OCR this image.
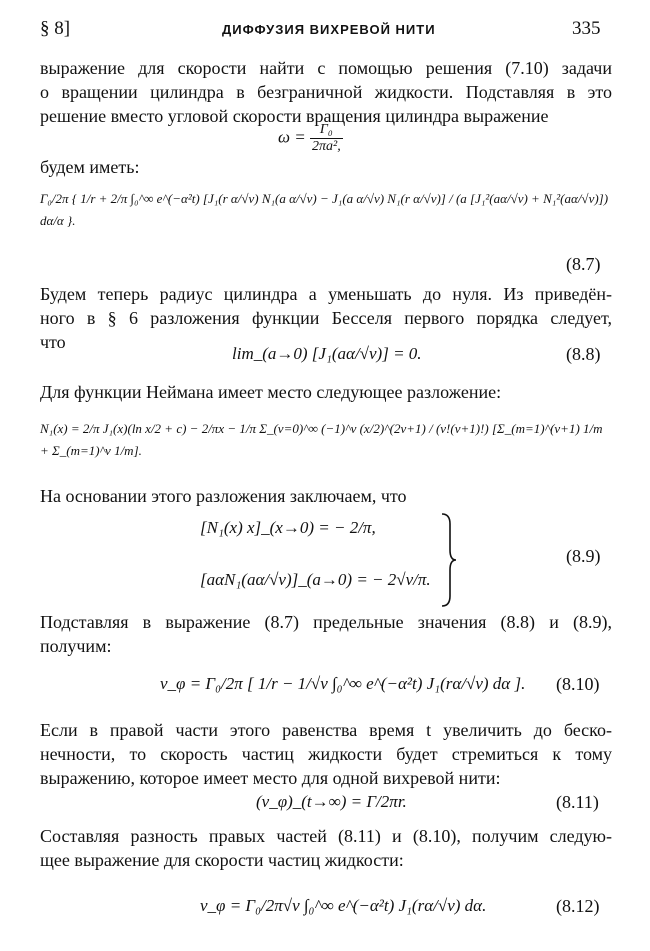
§ 8]	ДИФФУЗИЯ ВИХРЕВОЙ НИТИ	335
выражение для скорости найти с помощью решения (7.10) задачи
о вращении цилиндра в безграничной жидкости. Подставляя в это
решение вместо угловой скорости вращения цилиндра выражение
$\omega = \frac{\text{Γ₀}}{\text{2πa²,}}$
будем иметь:
Γ₀/2π { 1/r + 2/π ∫₀^∞ e^(−α²t) [J₁(r α/√ν) N₁(a α/√ν) − J₁(a α/√ν) N₁(r α/√ν)] / (a [J₁²(aα/√ν) + N₁²(aα/√ν)]) dα/α }.
(8.7)
Будем теперь радиус цилиндра a уменьшать до нуля. Из приведён-
ного в § 6 разложения функции Бесселя первого порядка следует,
что
lim_(a→0) [J₁(aα/√ν)] = 0.	(8.8)
Для функции Неймана имеет место следующее разложение:
N₁(x) = 2/π J₁(x)(ln x/2 + c) − 2/πx − 1/π Σ_(ν=0)^∞ (−1)^ν (x/2)^(2ν+1) / (ν!(ν+1)!) [Σ_(m=1)^(ν+1) 1/m + Σ_(m=1)^ν 1/m].
На основании этого разложения заключаем, что
[N₁(x) x]_(x→0) = − 2/π,
[aαN₁(aα/√ν)]_(a→0) = − 2√ν/π.
(8.9)
Подставляя в выражение (8.7) предельные значения (8.8) и (8.9),
получим:
v_φ = Γ₀/2π [ 1/r − 1/√ν ∫₀^∞ e^(−α²t) J₁(rα/√ν) dα ]. (8.10)
Если в правой части этого равенства время t увеличить до беско-
нечности, то скорость частиц жидкости будет стремиться к тому
выражению, которое имеет место для одной вихревой нити:
(v_φ)_(t→∞) = Γ/2πr.	(8.11)
Составляя разность правых частей (8.11) и (8.10), получим следую-
щее выражение для скорости частиц жидкости:
v_φ = Γ₀/2π√ν ∫₀^∞ e^(−α²t) J₁(rα/√ν) dα.	(8.12)
